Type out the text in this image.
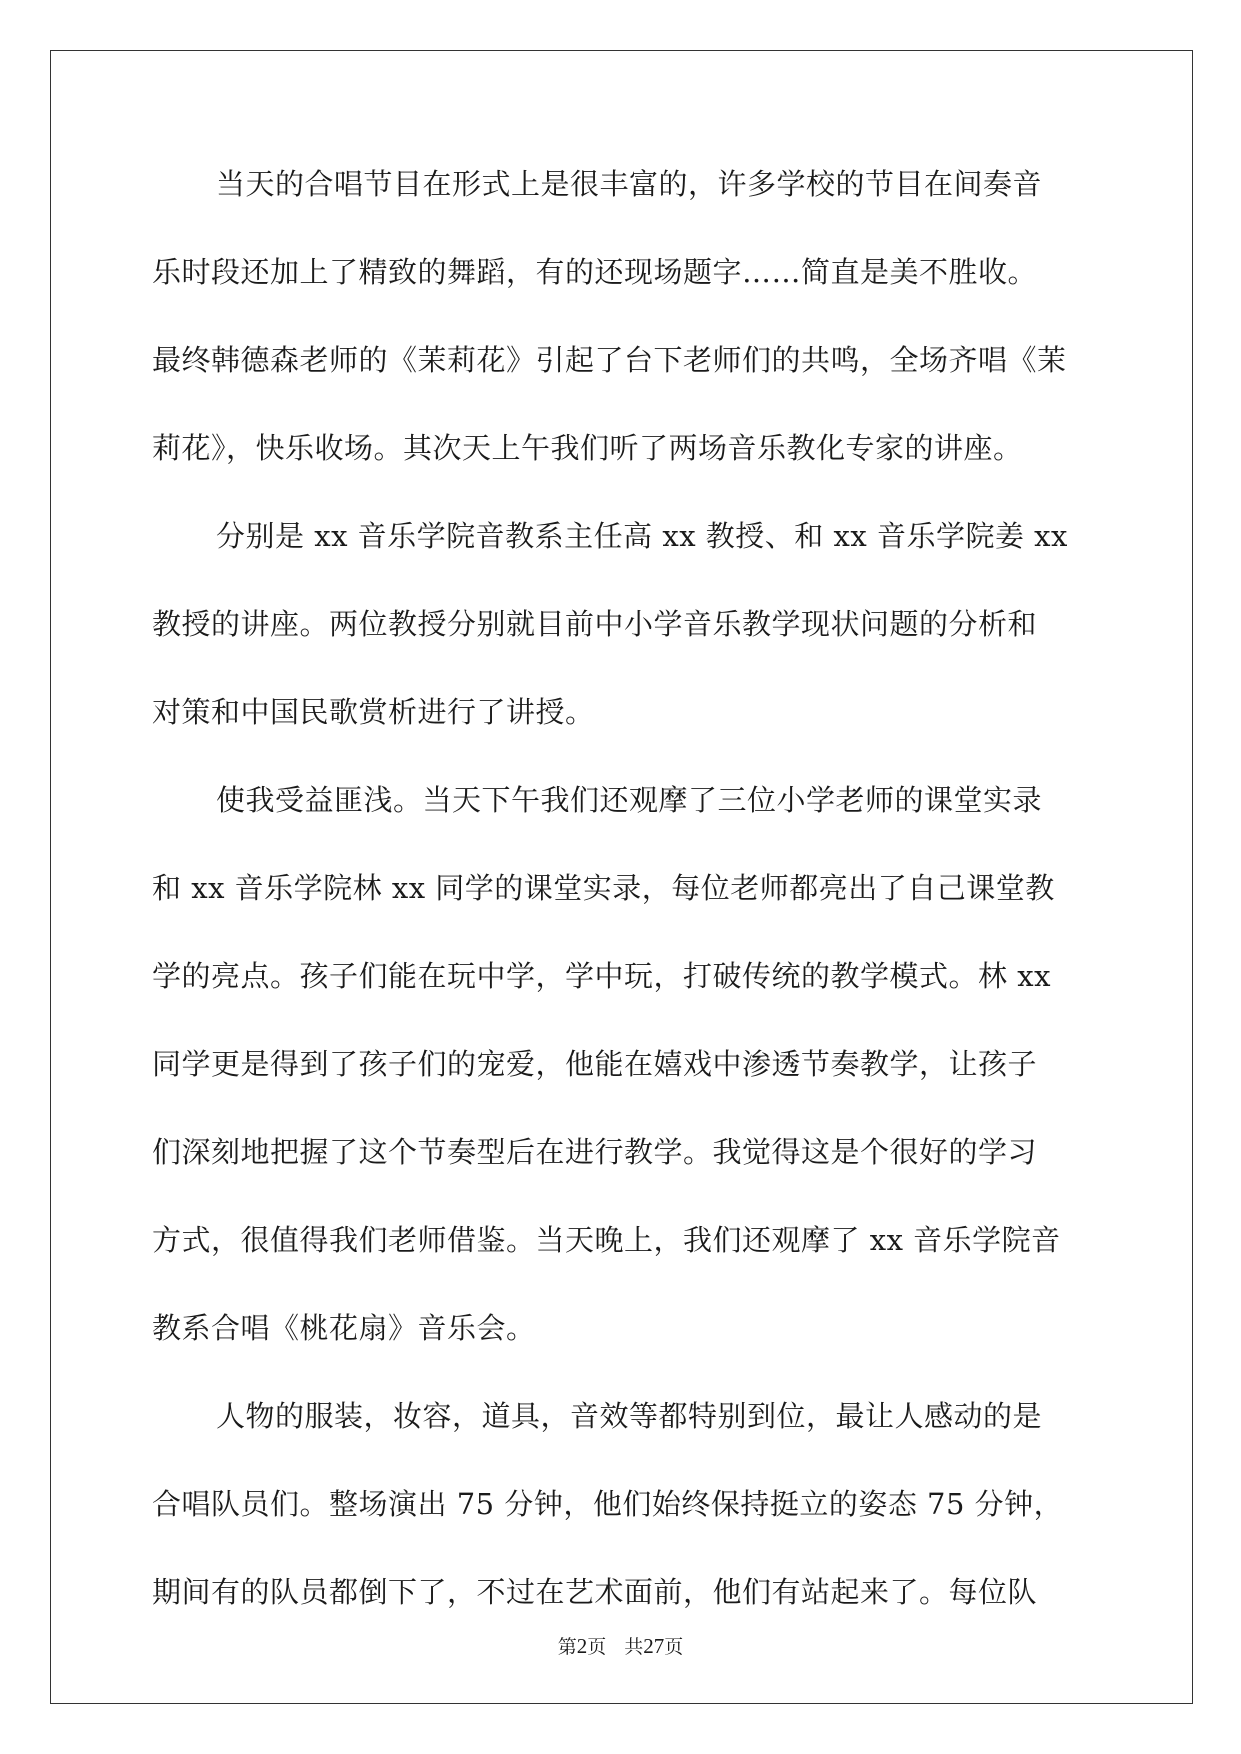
当天的合唱节目在形式上是很丰富的，许多学校的节目在间奏音
乐时段还加上了精致的舞蹈，有的还现场题字……简直是美不胜收。
最终韩德森老师的《茉莉花》引起了台下老师们的共鸣，全场齐唱《茉
莉花》，快乐收场。其次天上午我们听了两场音乐教化专家的讲座。
分别是 xx 音乐学院音教系主任高 xx 教授、和 xx 音乐学院姜 xx
教授的讲座。两位教授分别就目前中小学音乐教学现状问题的分析和
对策和中国民歌赏析进行了讲授。
使我受益匪浅。当天下午我们还观摩了三位小学老师的课堂实录
和 xx 音乐学院林 xx 同学的课堂实录，每位老师都亮出了自己课堂教
学的亮点。孩子们能在玩中学，学中玩，打破传统的教学模式。林 xx
同学更是得到了孩子们的宠爱，他能在嬉戏中渗透节奏教学，让孩子
们深刻地把握了这个节奏型后在进行教学。我觉得这是个很好的学习
方式，很值得我们老师借鉴。当天晚上，我们还观摩了 xx 音乐学院音
教系合唱《桃花扇》音乐会。
人物的服装，妆容，道具，音效等都特别到位，最让人感动的是
合唱队员们。整场演出 75 分钟，他们始终保持挺立的姿态 75 分钟，
期间有的队员都倒下了，不过在艺术面前，他们有站起来了。每位队
第2页 共27页
